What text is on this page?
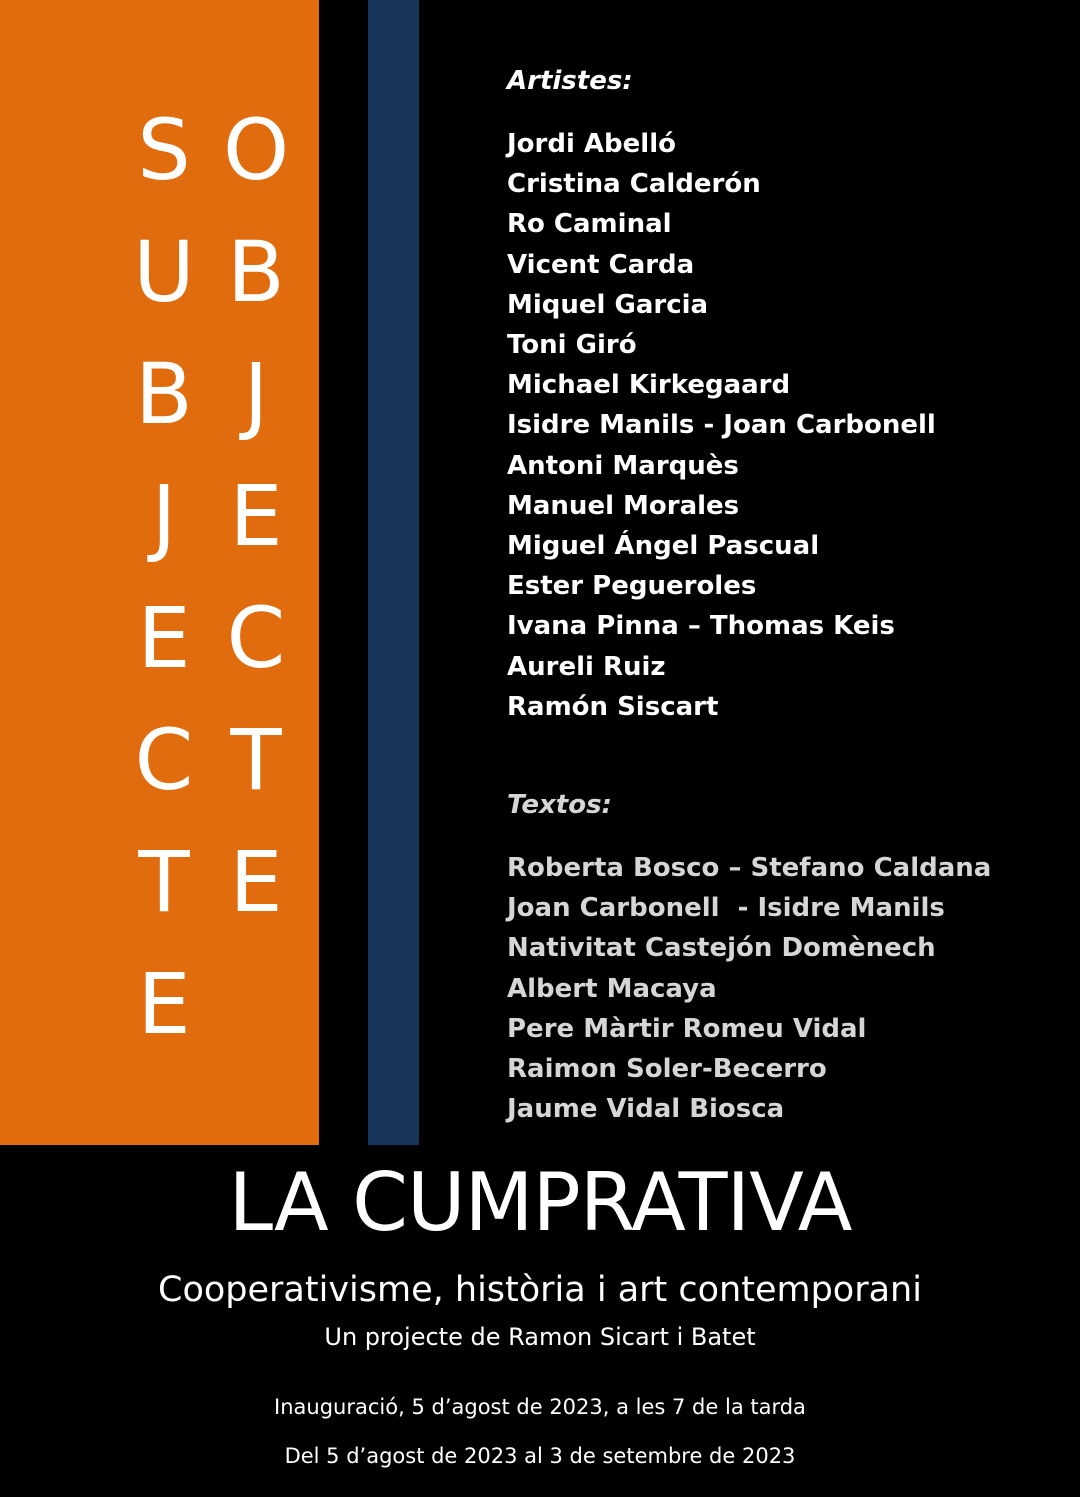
S
U
B
J
E
C
T
E
O
B
J
E
C
T
E
Artistes:
Jordi Abelló
Cristina Calderón
Ro Caminal
Vicent Carda
Miquel Garcia
Toni Giró
Michael Kirkegaard
Isidre Manils - Joan Carbonell
Antoni Marquès
Manuel Morales
Miguel Ángel Pascual
Ester Pegueroles
Ivana Pinna – Thomas Keis
Aureli Ruiz
Ramón Siscart
Textos:
Roberta Bosco – Stefano Caldana
Joan Carbonell  - Isidre Manils
Nativitat Castejón Domènech
Albert Macaya
Pere Màrtir Romeu Vidal
Raimon Soler-Becerro
Jaume Vidal Biosca
LA CUMPRATIVA

Cooperativisme, història i art contemporani

Un projecte de Ramon Sicart i Batet

Inauguració, 5 d’agost de 2023, a les 7 de la tarda

Del 5 d’agost de 2023 al 3 de setembre de 2023
